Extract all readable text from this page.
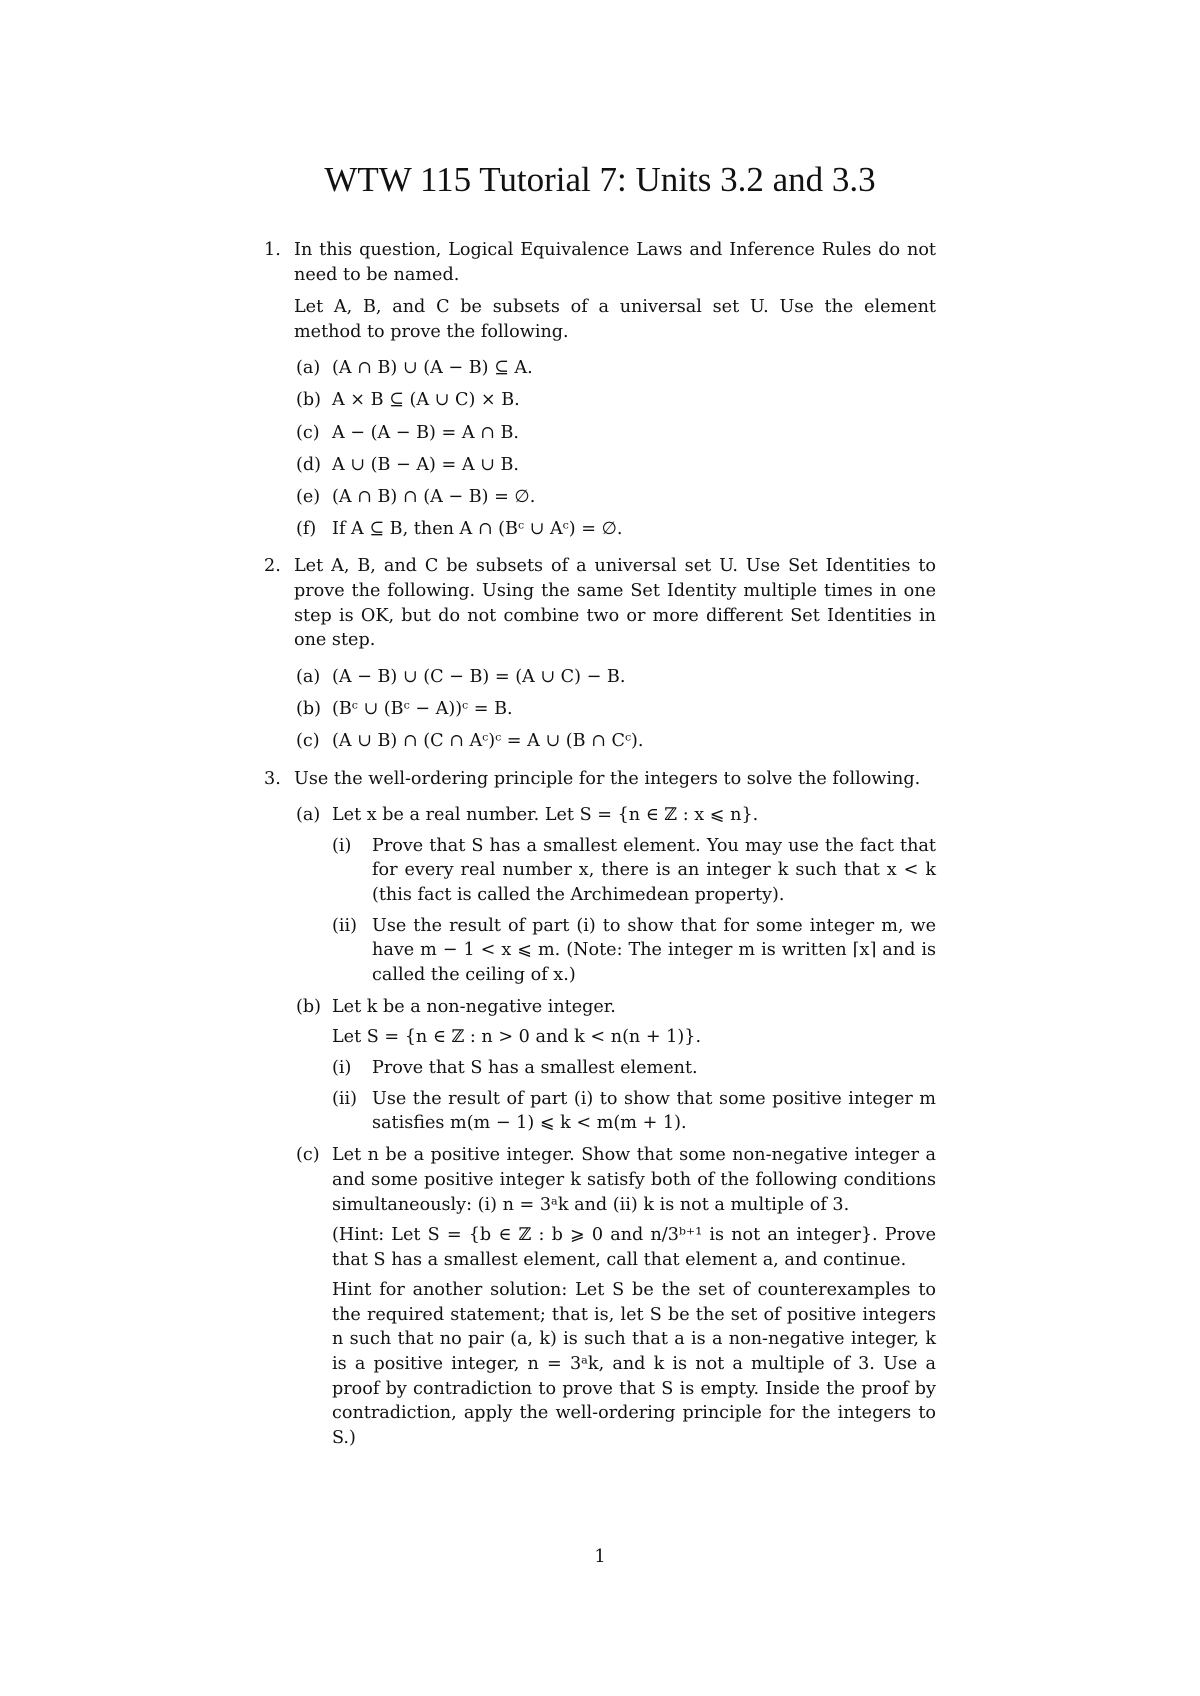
WTW 115 Tutorial 7: Units 3.2 and 3.3
1. In this question, Logical Equivalence Laws and Inference Rules do not need to be named.

Let A, B, and C be subsets of a universal set U. Use the element method to prove the following.

(a) (A ∩ B) ∪ (A − B) ⊆ A.
(b) A × B ⊆ (A ∪ C) × B.
(c) A − (A − B) = A ∩ B.
(d) A ∪ (B − A) = A ∪ B.
(e) (A ∩ B) ∩ (A − B) = ∅.
(f) If A ⊆ B, then A ∩ (Bᶜ ∪ Aᶜ) = ∅.
2. Let A, B, and C be subsets of a universal set U. Use Set Identities to prove the following. Using the same Set Identity multiple times in one step is OK, but do not combine two or more different Set Identities in one step.

(a) (A − B) ∪ (C − B) = (A ∪ C) − B.
(b) (Bᶜ ∪ (Bᶜ − A))ᶜ = B.
(c) (A ∪ B) ∩ (C ∩ Aᶜ)ᶜ = A ∪ (B ∩ Cᶜ).
3. Use the well-ordering principle for the integers to solve the following.

(a) Let x be a real number. Let S = {n ∈ ℤ : x ⩽ n}.

(i) Prove that S has a smallest element. You may use the fact that for every real number x, there is an integer k such that x < k (this fact is called the Archimedean property).
(ii) Use the result of part (i) to show that for some integer m, we have m − 1 < x ⩽ m. (Note: The integer m is written ⌈x⌉ and is called the ceiling of x.)
(b) Let k be a non-negative integer.

Let S = {n ∈ ℤ : n > 0 and k < n(n + 1)}.

(i) Prove that S has a smallest element.
(ii) Use the result of part (i) to show that some positive integer m satisfies m(m − 1) ⩽ k < m(m + 1).
(c) Let n be a positive integer. Show that some non-negative integer a and some positive integer k satisfy both of the following conditions simultaneously: (i) n = 3ᵃk and (ii) k is not a multiple of 3.

(Hint: Let S = {b ∈ ℤ : b ⩾ 0 and n/3ᵇ⁺¹ is not an integer}. Prove that S has a smallest element, call that element a, and continue.

Hint for another solution: Let S be the set of counterexamples to the required statement; that is, let S be the set of positive integers n such that no pair (a, k) is such that a is a non-negative integer, k is a positive integer, n = 3ᵃk, and k is not a multiple of 3. Use a proof by contradiction to prove that S is empty. Inside the proof by contradiction, apply the well-ordering principle for the integers to S.)

1
